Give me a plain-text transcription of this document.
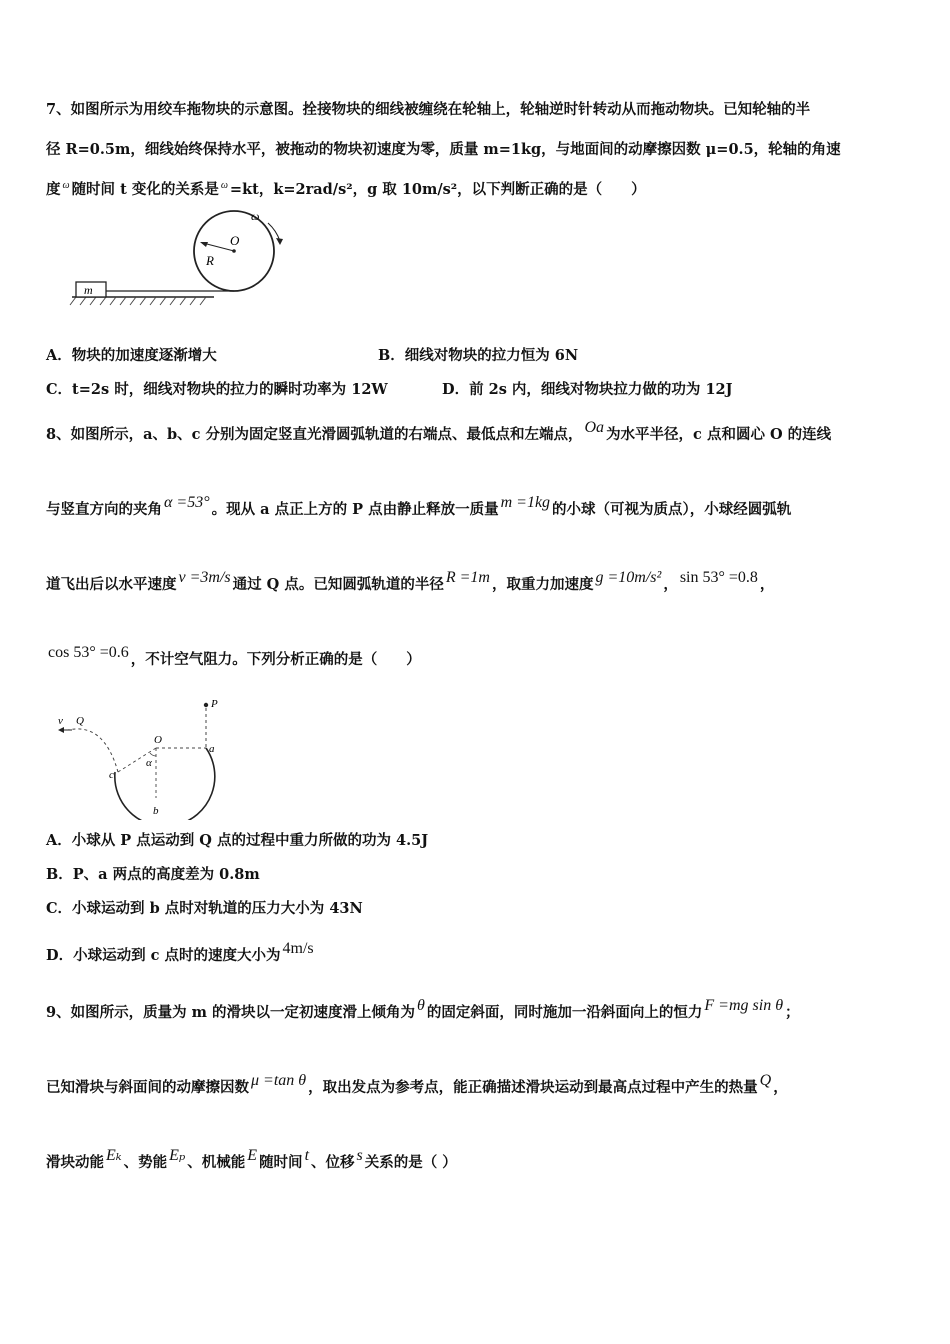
7、如图所示为用绞车拖物块的示意图。拴接物块的细线被缠绕在轮轴上，轮轴逆时针转动从而拖动物块。已知轮轴的半
径 R=0.5m，细线始终保持水平，被拖动的物块初速度为零，质量 m=1kg，与地面间的动摩擦因数 μ=0.5，轮轴的角速
度 $^\omega$ 随时间 t 变化的关系是 $^\omega$ =kt，k=2rad/s²，g 取 10m/s²，以下判断正确的是（　　）
m
O
R
ω
A．物块的加速度逐渐增大	B．细线对物块的拉力恒为 6N
C．t=2s 时，细线对物块的拉力的瞬时功率为 12W	D．前 2s 内，细线对物块拉力做的功为 12J
8、如图所示，a、b、c 分别为固定竖直光滑圆弧轨道的右端点、最低点和左端点， Oa 为水平半径，c 点和圆心 O 的连线
与竖直方向的夹角 α =53° 。现从 a 点正上方的 P 点由静止释放一质量 m =1kg 的小球（可视为质点），小球经圆弧轨
道飞出后以水平速度 v =3m/s 通过 Q 点。已知圆弧轨道的半径 R =1m ，取重力加速度 g =10m/s² ， sin 53° =0.8 ，
cos 53° =0.6 ，不计空气阻力。下列分析正确的是（　　）
P
O
a
α
c
b
v Q
A．小球从 P 点运动到 Q 点的过程中重力所做的功为 4.5J
B．P、a 两点的高度差为 0.8m
C．小球运动到 b 点时对轨道的压力大小为 43N
D．小球运动到 c 点时的速度大小为 4m/s
9、如图所示，质量为 m 的滑块以一定初速度滑上倾角为 θ 的固定斜面，同时施加一沿斜面向上的恒力 F =mg sin θ ；
已知滑块与斜面间的动摩擦因数 μ =tan θ ，取出发点为参考点，能正确描述滑块运动到最高点过程中产生的热量 Q ，
滑块动能 Eₖ 、势能 Eₚ 、机械能 E 随时间 t 、位移 s 关系的是（ ）
